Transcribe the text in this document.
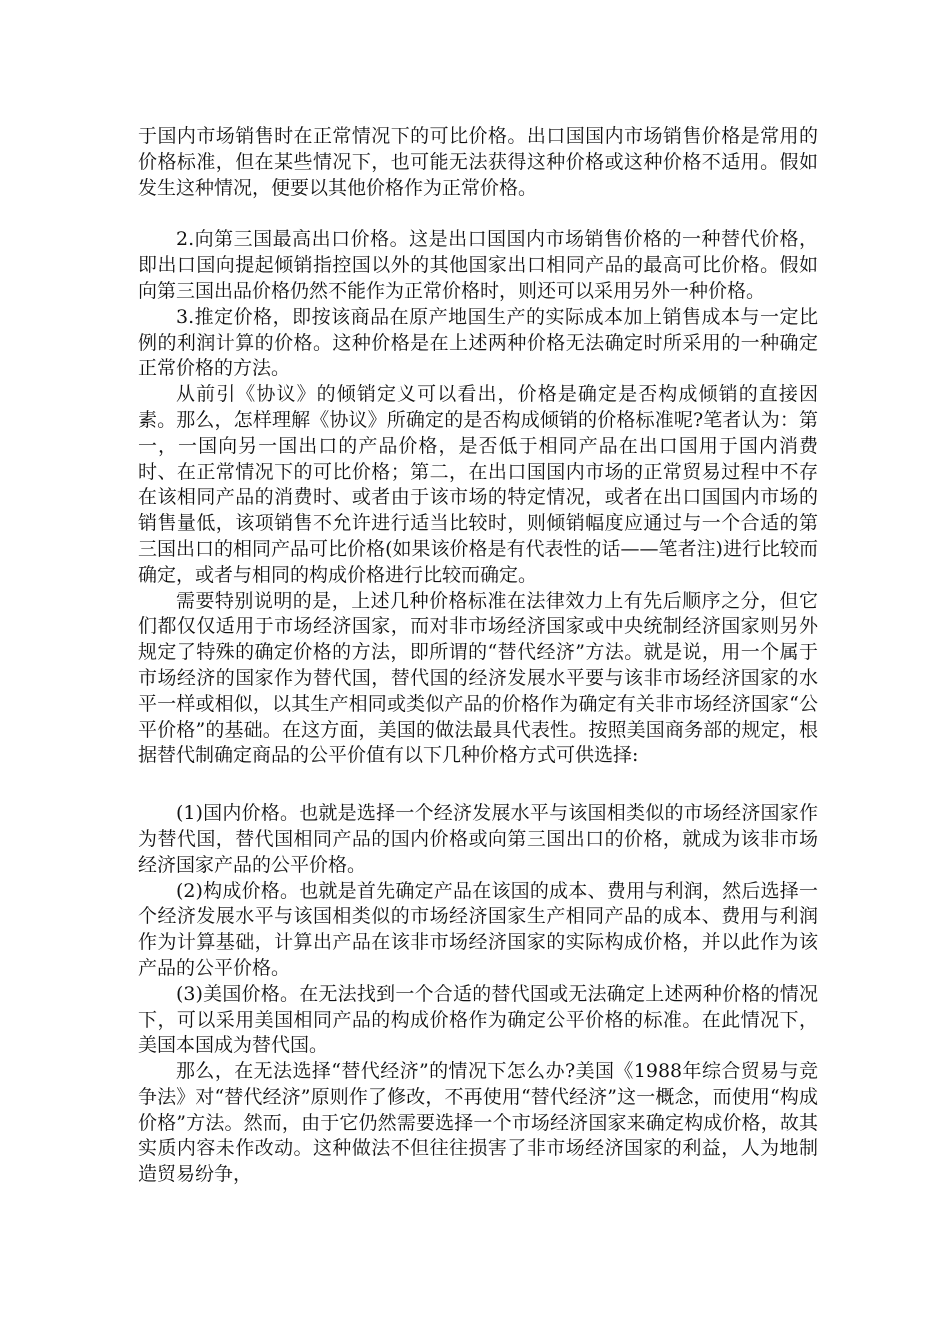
于国内市场销售时在正常情况下的可比价格。出口国国内市场销售价格是常用的价格标准，但在某些情况下，也可能无法获得这种价格或这种价格不适用。假如发生这种情况，便要以其他价格作为正常价格。

2.向第三国最高出口价格。这是出口国国内市场销售价格的一种替代价格，即出口国向提起倾销指控国以外的其他国家出口相同产品的最高可比价格。假如向第三国出品价格仍然不能作为正常价格时，则还可以采用另外一种价格。

3.推定价格，即按该商品在原产地国生产的实际成本加上销售成本与一定比例的利润计算的价格。这种价格是在上述两种价格无法确定时所采用的一种确定正常价格的方法。

从前引《协议》的倾销定义可以看出，价格是确定是否构成倾销的直接因素。那么，怎样理解《协议》所确定的是否构成倾销的价格标准呢?笔者认为：第一，一国向另一国出口的产品价格，是否低于相同产品在出口国用于国内消费时、在正常情况下的可比价格；第二，在出口国国内市场的正常贸易过程中不存在该相同产品的消费时、或者由于该市场的特定情况，或者在出口国国内市场的销售量低，该项销售不允许进行适当比较时，则倾销幅度应通过与一个合适的第三国出口的相同产品可比价格(如果该价格是有代表性的话——笔者注)进行比较而确定，或者与相同的构成价格进行比较而确定。

需要特别说明的是，上述几种价格标准在法律效力上有先后顺序之分，但它们都仅仅适用于市场经济国家，而对非市场经济国家或中央统制经济国家则另外规定了特殊的确定价格的方法，即所谓的“替代经济”方法。就是说，用一个属于市场经济的国家作为替代国，替代国的经济发展水平要与该非市场经济国家的水平一样或相似，以其生产相同或类似产品的价格作为确定有关非市场经济国家“公平价格”的基础。在这方面，美国的做法最具代表性。按照美国商务部的规定，根据替代制确定商品的公平价值有以下几种价格方式可供选择:

(1)国内价格。也就是选择一个经济发展水平与该国相类似的市场经济国家作为替代国，替代国相同产品的国内价格或向第三国出口的价格，就成为该非市场经济国家产品的公平价格。

(2)构成价格。也就是首先确定产品在该国的成本、费用与利润，然后选择一个经济发展水平与该国相类似的市场经济国家生产相同产品的成本、费用与利润作为计算基础，计算出产品在该非市场经济国家的实际构成价格，并以此作为该产品的公平价格。

(3)美国价格。在无法找到一个合适的替代国或无法确定上述两种价格的情况下，可以采用美国相同产品的构成价格作为确定公平价格的标准。在此情况下，美国本国成为替代国。

那么，在无法选择“替代经济”的情况下怎么办?美国《1988年综合贸易与竞争法》对“替代经济”原则作了修改，不再使用“替代经济”这一概念，而使用“构成价格”方法。然而，由于它仍然需要选择一个市场经济国家来确定构成价格，故其实质内容未作改动。这种做法不但往往损害了非市场经济国家的利益，人为地制造贸易纷争，
